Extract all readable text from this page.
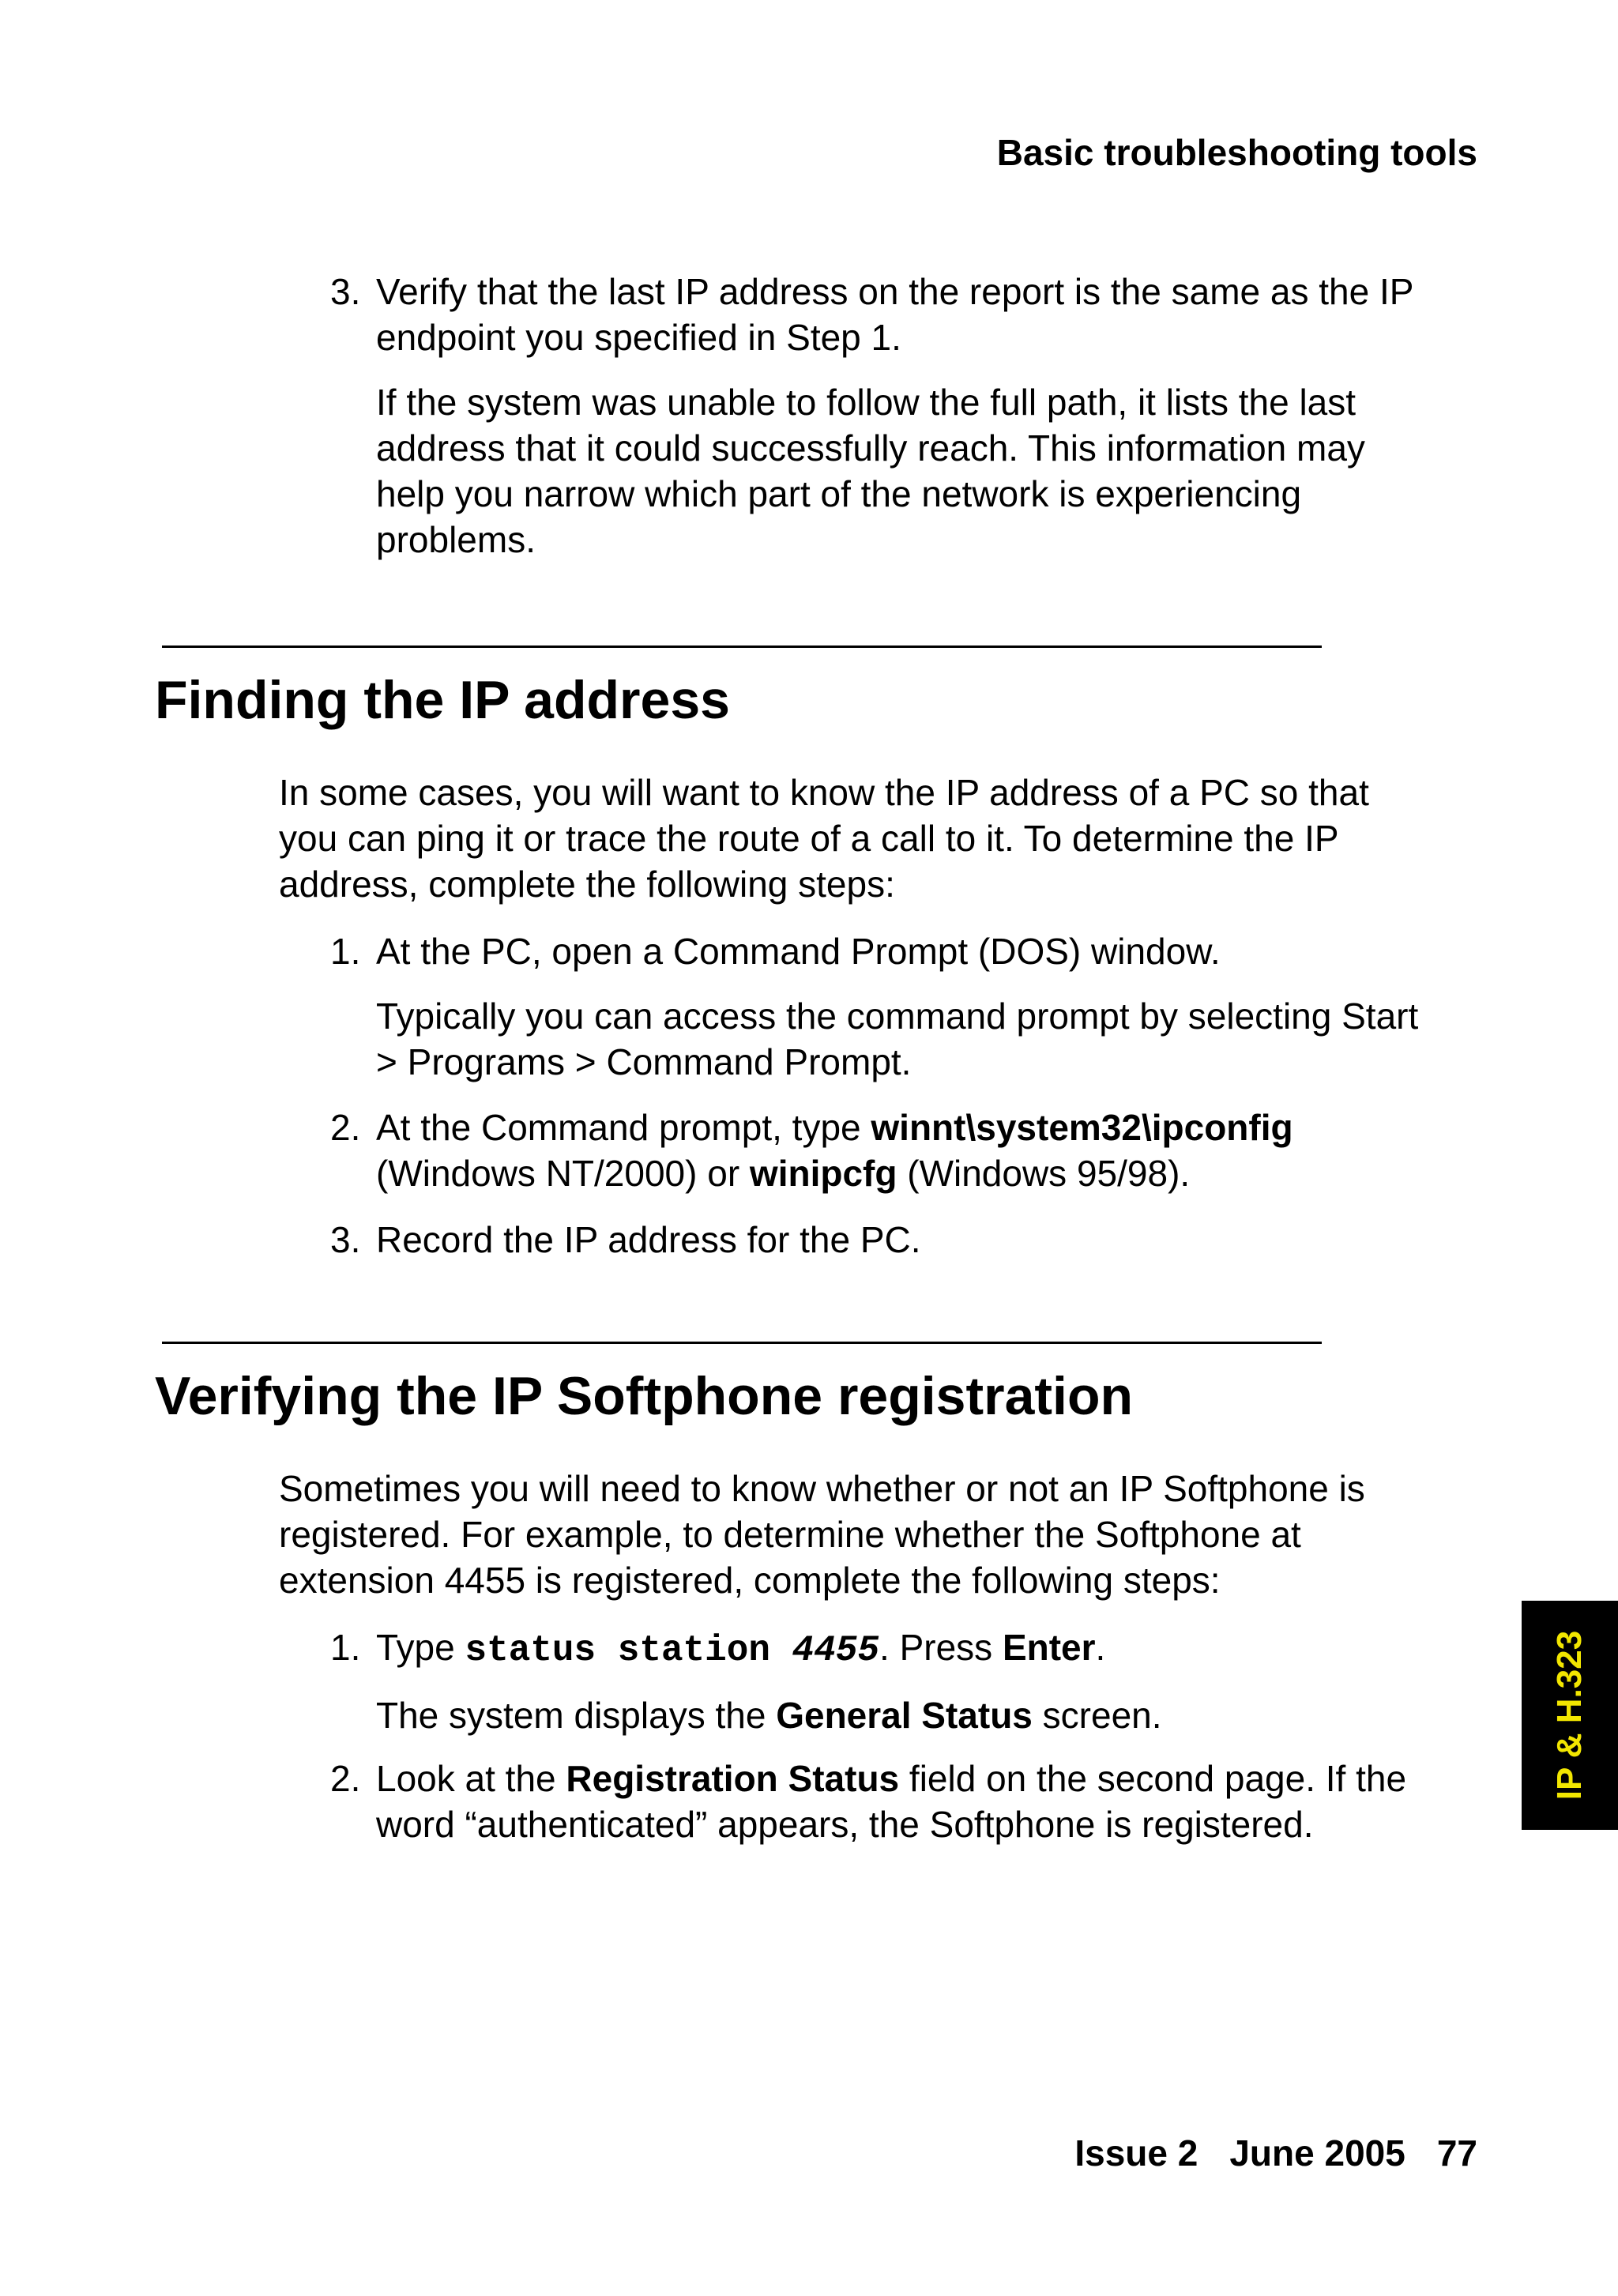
Basic troubleshooting tools
3. Verify that the last IP address on the report is the same as the IP
endpoint you specified in Step 1.
If the system was unable to follow the full path, it lists the last
address that it could successfully reach. This information may
help you narrow which part of the network is experiencing
problems.
Finding the IP address
In some cases, you will want to know the IP address of a PC so that
you can ping it or trace the route of a call to it. To determine the IP
address, complete the following steps:
1. At the PC, open a Command Prompt (DOS) window.
Typically you can access the command prompt by selecting Start
> Programs > Command Prompt.
2. At the Command prompt, type winnt\system32\ipconfig
(Windows NT/2000) or winipcfg (Windows 95/98).
3. Record the IP address for the PC.
Verifying the IP Softphone registration
Sometimes you will need to know whether or not an IP Softphone is
registered. For example, to determine whether the Softphone at
extension 4455 is registered, complete the following steps:
1. Type status station 4455. Press Enter.
The system displays the General Status screen.
2. Look at the Registration Status field on the second page. If the
word “authenticated” appears, the Softphone is registered.
IP & H.323
Issue 2 June 2005 77
